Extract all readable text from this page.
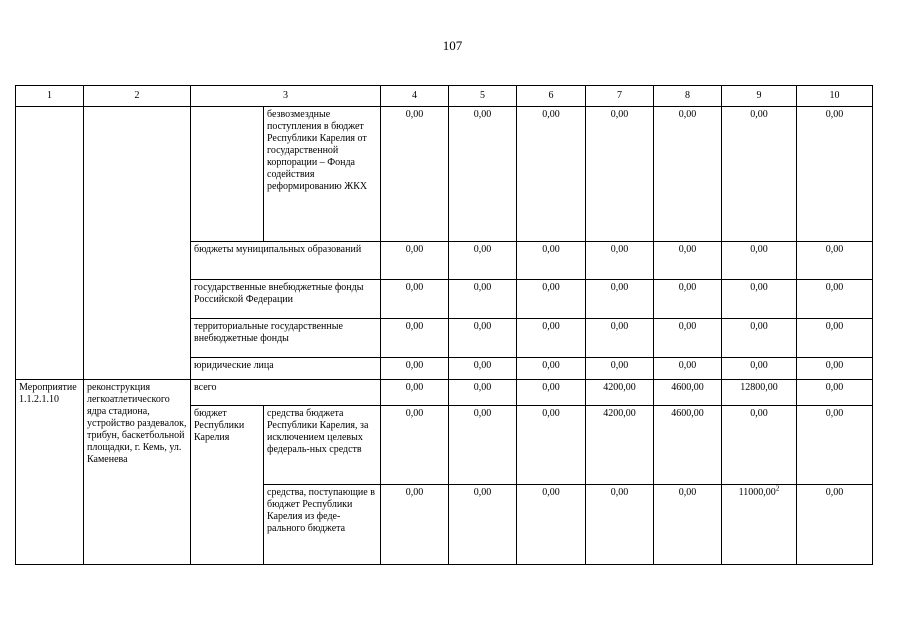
107
1	2	3		4	5	6	7	8	9	10
			безвозмездные поступления в бюджет Республики Карелия от государственной корпорации – Фонда содействия реформированию ЖКХ	0,00	0,00	0,00	0,00	0,00	0,00	0,00
		бюджеты муниципальных образований		0,00	0,00	0,00	0,00	0,00	0,00	0,00
		государственные внебюджетные фонды Российской Федерации		0,00	0,00	0,00	0,00	0,00	0,00	0,00
		территориальные государственные внебюджетные фонды		0,00	0,00	0,00	0,00	0,00	0,00	0,00
		юридические лица		0,00	0,00	0,00	0,00	0,00	0,00	0,00
Мероприятие 1.1.2.1.10	реконструкция легкоатлетического ядра стадиона, устройство раздевалок, трибун, баскетбольной площадки, г. Кемь, ул. Каменева	всего		0,00	0,00	0,00	4200,00	4600,00	12800,00	0,00
		бюджет Республики Карелия	средства бюджета Республики Карелия, за исключением целевых федераль-ных средств	0,00	0,00	0,00	4200,00	4600,00	0,00	0,00
			средства, поступающие в бюджет Республики Карелия из феде-рального бюджета	0,00	0,00	0,00	0,00	0,00	11000,00$^2$	0,00
